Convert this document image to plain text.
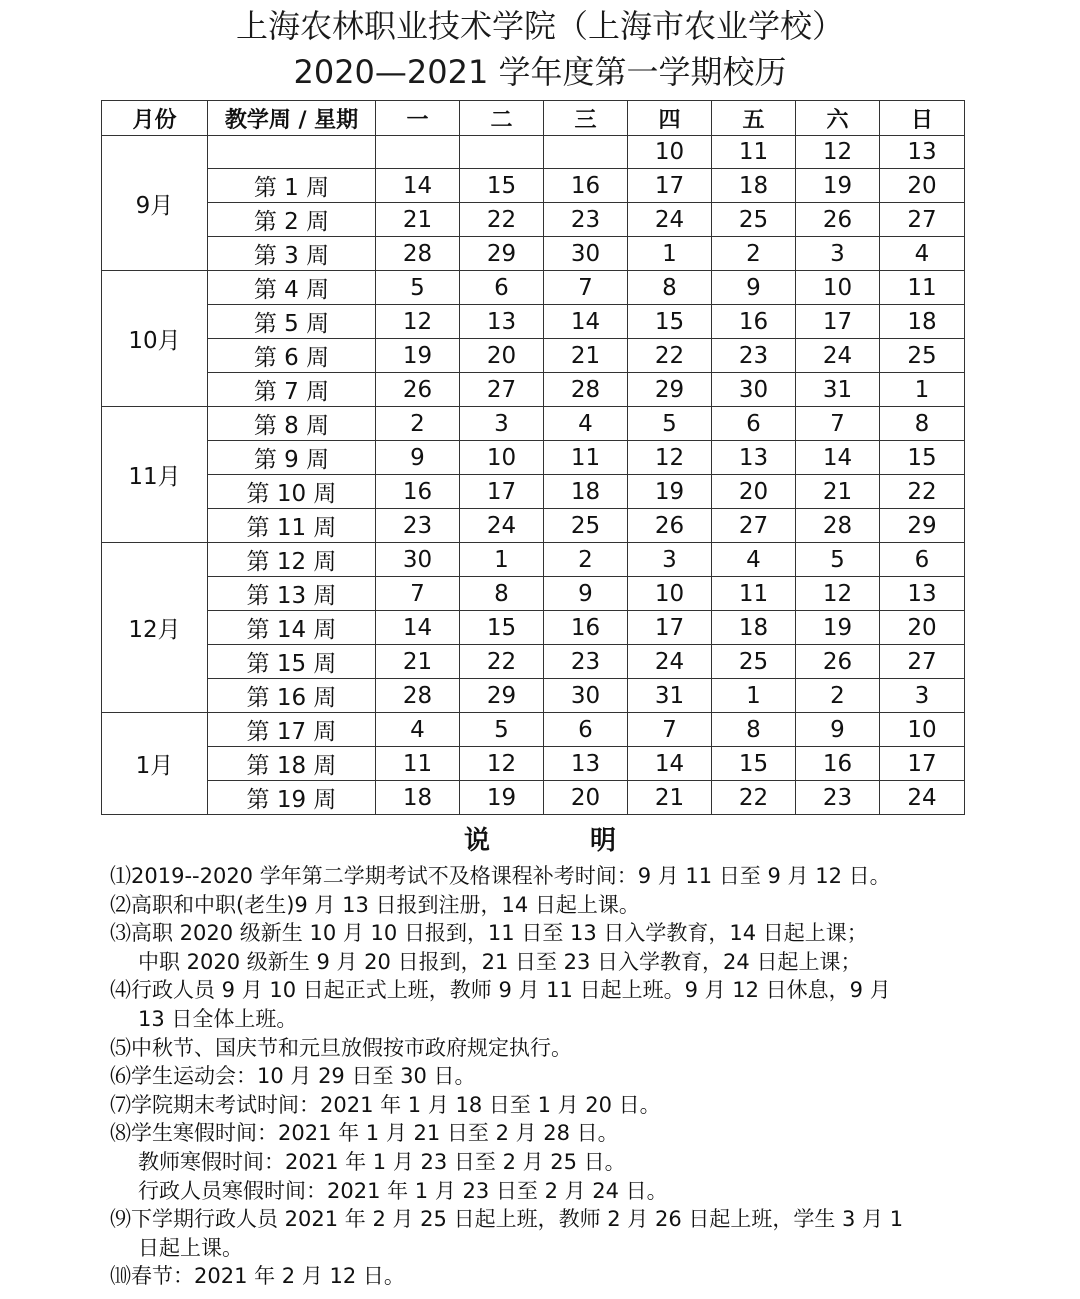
上海农林职业技术学院（上海市农业学校）
2020—2021 学年度第一学期校历
月份	教学周 / 星期	一	二	三	四	五	六	日
9月					10	11	12	13
	第 1 周	14	15	16	17	18	19	20
	第 2 周	21	22	23	24	25	26	27
	第 3 周	28	29	30	1	2	3	4
10月	第 4 周	5	6	7	8	9	10	11
	第 5 周	12	13	14	15	16	17	18
	第 6 周	19	20	21	22	23	24	25
	第 7 周	26	27	28	29	30	31	1
11月	第 8 周	2	3	4	5	6	7	8
	第 9 周	9	10	11	12	13	14	15
	第 10 周	16	17	18	19	20	21	22
	第 11 周	23	24	25	26	27	28	29
12月	第 12 周	30	1	2	3	4	5	6
	第 13 周	7	8	9	10	11	12	13
	第 14 周	14	15	16	17	18	19	20
	第 15 周	21	22	23	24	25	26	27
	第 16 周	28	29	30	31	1	2	3
1月	第 17 周	4	5	6	7	8	9	10
	第 18 周	11	12	13	14	15	16	17
	第 19 周	18	19	20	21	22	23	24
说明
⑴2019--2020 学年第二学期考试不及格课程补考时间：9 月 11 日至 9 月 12 日。
⑵高职和中职(老生)9 月 13 日报到注册，14 日起上课。
⑶高职 2020 级新生 10 月 10 日报到，11 日至 13 日入学教育，14 日起上课；
中职 2020 级新生 9 月 20 日报到，21 日至 23 日入学教育，24 日起上课；
⑷行政人员 9 月 10 日起正式上班，教师 9 月 11 日起上班。9 月 12 日休息，9 月
13 日全体上班。
⑸中秋节、国庆节和元旦放假按市政府规定执行。
⑹学生运动会：10 月 29 日至 30 日。
⑺学院期末考试时间：2021 年 1 月 18 日至 1 月 20 日。
⑻学生寒假时间：2021 年 1 月 21 日至 2 月 28 日。
教师寒假时间：2021 年 1 月 23 日至 2 月 25 日。
行政人员寒假时间：2021 年 1 月 23 日至 2 月 24 日。
⑼下学期行政人员 2021 年 2 月 25 日起上班，教师 2 月 26 日起上班，学生 3 月 1
日起上课。
⑽春节：2021 年 2 月 12 日。
